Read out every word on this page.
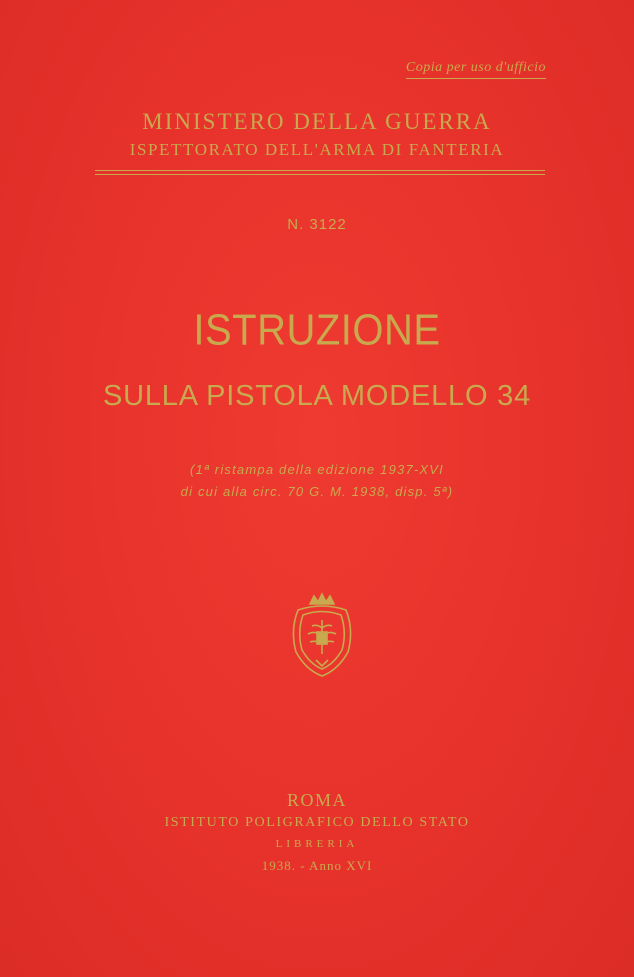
Copia per uso d'ufficio
MINISTERO DELLA GUERRA
ISPETTORATO DELL'ARMA DI FANTERIA
N. 3122
ISTRUZIONE
SULLA PISTOLA MODELLO 34
(1ª ristampa della edizione 1937-XVI
di cui alla circ. 70 G. M. 1938, disp. 5ª)
ROMA
ISTITUTO POLIGRAFICO DELLO STATO
LIBRERIA
1938. - Anno XVI
